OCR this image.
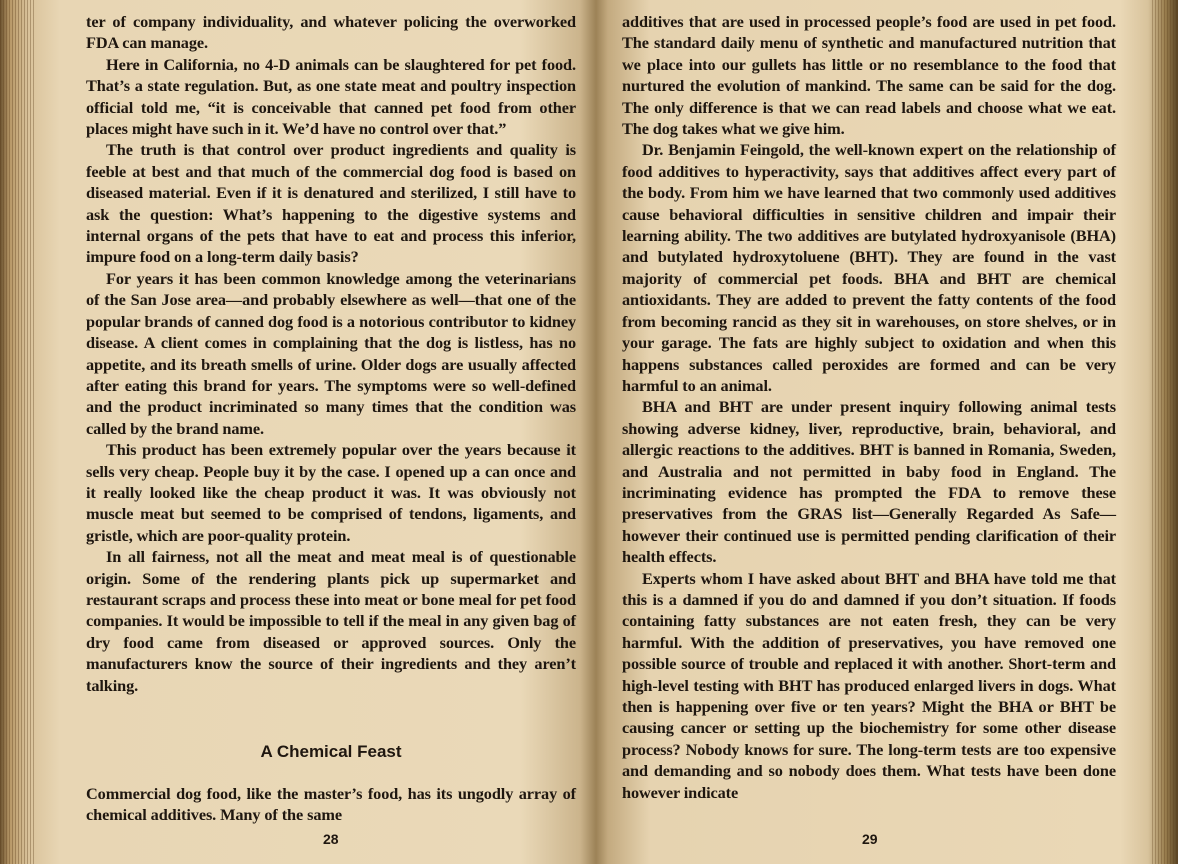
ter of company individuality, and whatever policing the overworked FDA can manage.

Here in California, no 4-D animals can be slaughtered for pet food. That’s a state regulation. But, as one state meat and poultry inspection official told me, “it is conceivable that canned pet food from other places might have such in it. We’d have no control over that.”

The truth is that control over product ingredients and quality is feeble at best and that much of the commercial dog food is based on diseased material. Even if it is denatured and sterilized, I still have to ask the question: What’s happening to the digestive systems and internal organs of the pets that have to eat and process this inferior, impure food on a long-term daily basis?

For years it has been common knowledge among the veterinarians of the San Jose area—and probably elsewhere as well—that one of the popular brands of canned dog food is a notorious contributor to kidney disease. A client comes in complaining that the dog is listless, has no appetite, and its breath smells of urine. Older dogs are usually affected after eating this brand for years. The symptoms were so well-defined and the product incriminated so many times that the condition was called by the brand name.

This product has been extremely popular over the years because it sells very cheap. People buy it by the case. I opened up a can once and it really looked like the cheap product it was. It was obviously not muscle meat but seemed to be comprised of tendons, ligaments, and gristle, which are poor-quality protein.

In all fairness, not all the meat and meat meal is of questionable origin. Some of the rendering plants pick up supermarket and restaurant scraps and process these into meat or bone meal for pet food companies. It would be impossible to tell if the meal in any given bag of dry food came from diseased or approved sources. Only the manufacturers know the source of their ingredients and they aren’t talking.

A Chemical Feast

Commercial dog food, like the master’s food, has its ungodly array of chemical additives. Many of the same

28

additives that are used in processed people’s food are used in pet food. The standard daily menu of synthetic and manufactured nutrition that we place into our gullets has little or no resemblance to the food that nurtured the evolution of mankind. The same can be said for the dog. The only difference is that we can read labels and choose what we eat. The dog takes what we give him.

Dr. Benjamin Feingold, the well-known expert on the relationship of food additives to hyperactivity, says that additives affect every part of the body. From him we have learned that two commonly used additives cause behavioral difficulties in sensitive children and impair their learning ability. The two additives are butylated hydroxyanisole (BHA) and butylated hydroxytoluene (BHT). They are found in the vast majority of commercial pet foods. BHA and BHT are chemical antioxidants. They are added to prevent the fatty contents of the food from becoming rancid as they sit in warehouses, on store shelves, or in your garage. The fats are highly subject to oxidation and when this happens substances called peroxides are formed and can be very harmful to an animal.

BHA and BHT are under present inquiry following animal tests showing adverse kidney, liver, reproductive, brain, behavioral, and allergic reactions to the additives. BHT is banned in Romania, Sweden, and Australia and not permitted in baby food in England. The incriminating evidence has prompted the FDA to remove these preservatives from the GRAS list—Generally Regarded As Safe—however their continued use is permitted pending clarification of their health effects.

Experts whom I have asked about BHT and BHA have told me that this is a damned if you do and damned if you don’t situation. If foods containing fatty substances are not eaten fresh, they can be very harmful. With the addition of preservatives, you have removed one possible source of trouble and replaced it with another. Short-term and high-level testing with BHT has produced enlarged livers in dogs. What then is happening over five or ten years? Might the BHA or BHT be causing cancer or setting up the biochemistry for some other disease process? Nobody knows for sure. The long-term tests are too expensive and demanding and so nobody does them. What tests have been done however indicate

29
